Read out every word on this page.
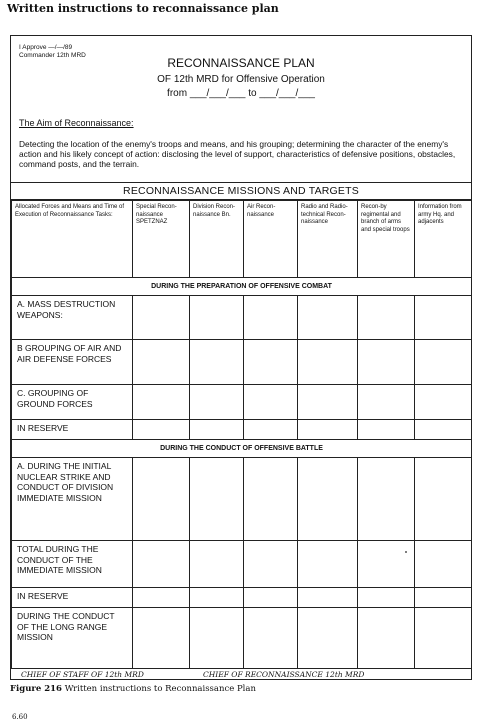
Written instructions to reconnaissance plan
I Approve —/—/89
Commander 12th MRD
RECONNAISSANCE PLAN
OF 12th MRD for Offensive Operation
from ___/___/___ to ___/___/___
The Aim of Reconnaissance:
Detecting the location of the enemy's troops and means, and his grouping; determining the character of the enemy's action and his likely concept of action: disclosing the level of support, characteristics of defensive positions, obstacles, command posts, and the terrain.
RECONNAISSANCE MISSIONS AND TARGETS
Allocated Forces and Means and Time of Execution of Reconnaissance Tasks:	Special Recon-naissance SPETZNAZ	Division Recon-naissance Bn.	Air Recon-naissance	Radio and Radio-technical Recon-naissance	Recon-by regimental and branch of arms and special troops	Information from army Hq. and adjacents
DURING THE PREPARATION OF OFFENSIVE COMBAT						
A. MASS DESTRUCTION WEAPONS:						
B GROUPING OF AIR AND AIR DEFENSE FORCES						
C. GROUPING OF GROUND FORCES						
IN RESERVE						
DURING THE CONDUCT OF OFFENSIVE BATTLE						
A. DURING THE INITIAL NUCLEAR STRIKE AND CONDUCT OF DIVISION IMMEDIATE MISSION						
TOTAL DURING THE CONDUCT OF THE IMMEDIATE MISSION						
IN RESERVE						
DURING THE CONDUCT OF THE LONG RANGE MISSION						
CHIEF OF STAFF OF 12th MRD	CHIEF OF RECONNAISSANCE 12th MRD
Figure 216 Written instructions to Reconnaissance Plan
6.60
